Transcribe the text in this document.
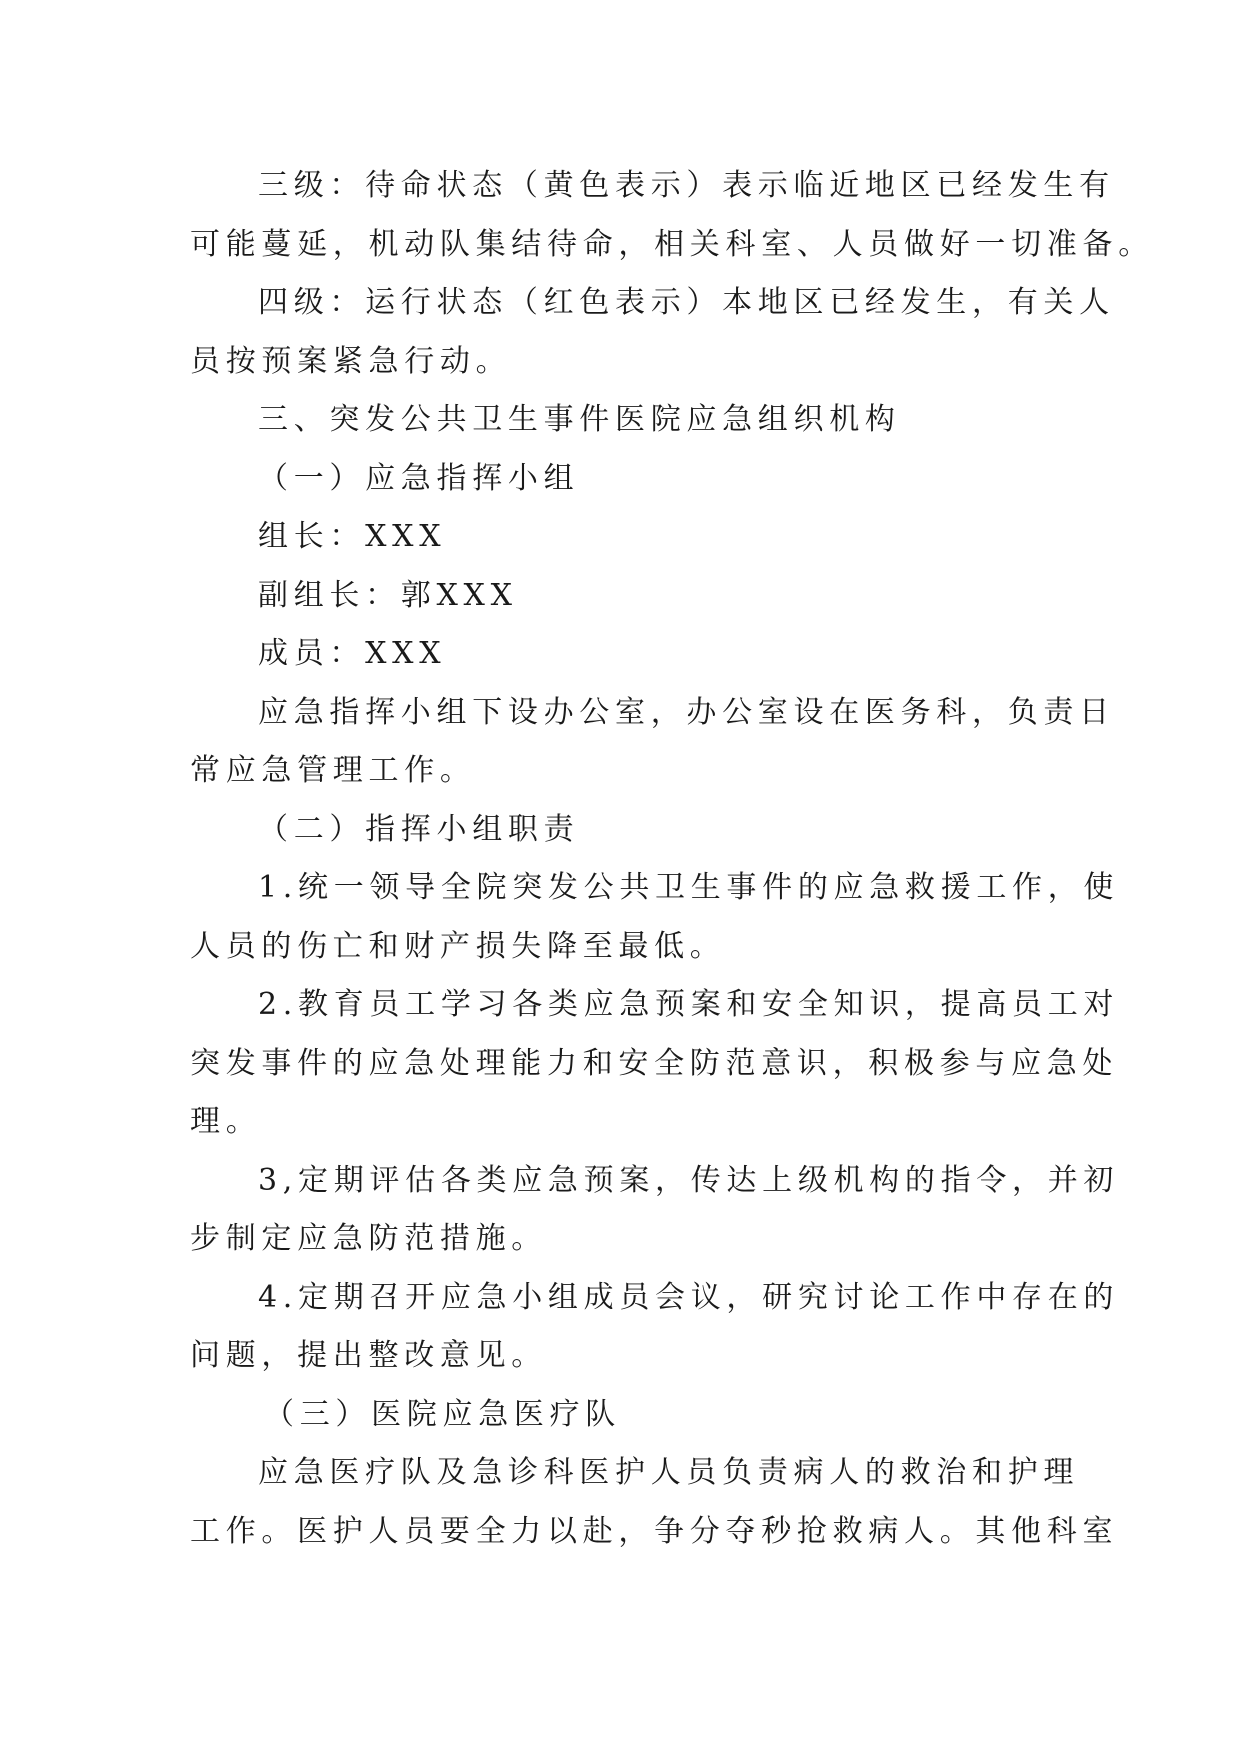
三级：待命状态（黄色表示）表示临近地区已经发生有
可能蔓延，机动队集结待命，相关科室、人员做好一切准备。
四级：运行状态（红色表示）本地区已经发生，有关人
员按预案紧急行动。
三、突发公共卫生事件医院应急组织机构
（一）应急指挥小组
组长：XXX
副组长：郭XXX
成员：XXX
应急指挥小组下设办公室，办公室设在医务科，负责日
常应急管理工作。
（二）指挥小组职责
1.统一领导全院突发公共卫生事件的应急救援工作，使
人员的伤亡和财产损失降至最低。
2.教育员工学习各类应急预案和安全知识，提高员工对
突发事件的应急处理能力和安全防范意识，积极参与应急处
理。
3,定期评估各类应急预案，传达上级机构的指令，并初
步制定应急防范措施。
4.定期召开应急小组成员会议，研究讨论工作中存在的
问题，提出整改意见。
（三）医院应急医疗队
应急医疗队及急诊科医护人员负责病人的救治和护理
工作。医护人员要全力以赴，争分夺秒抢救病人。其他科室
